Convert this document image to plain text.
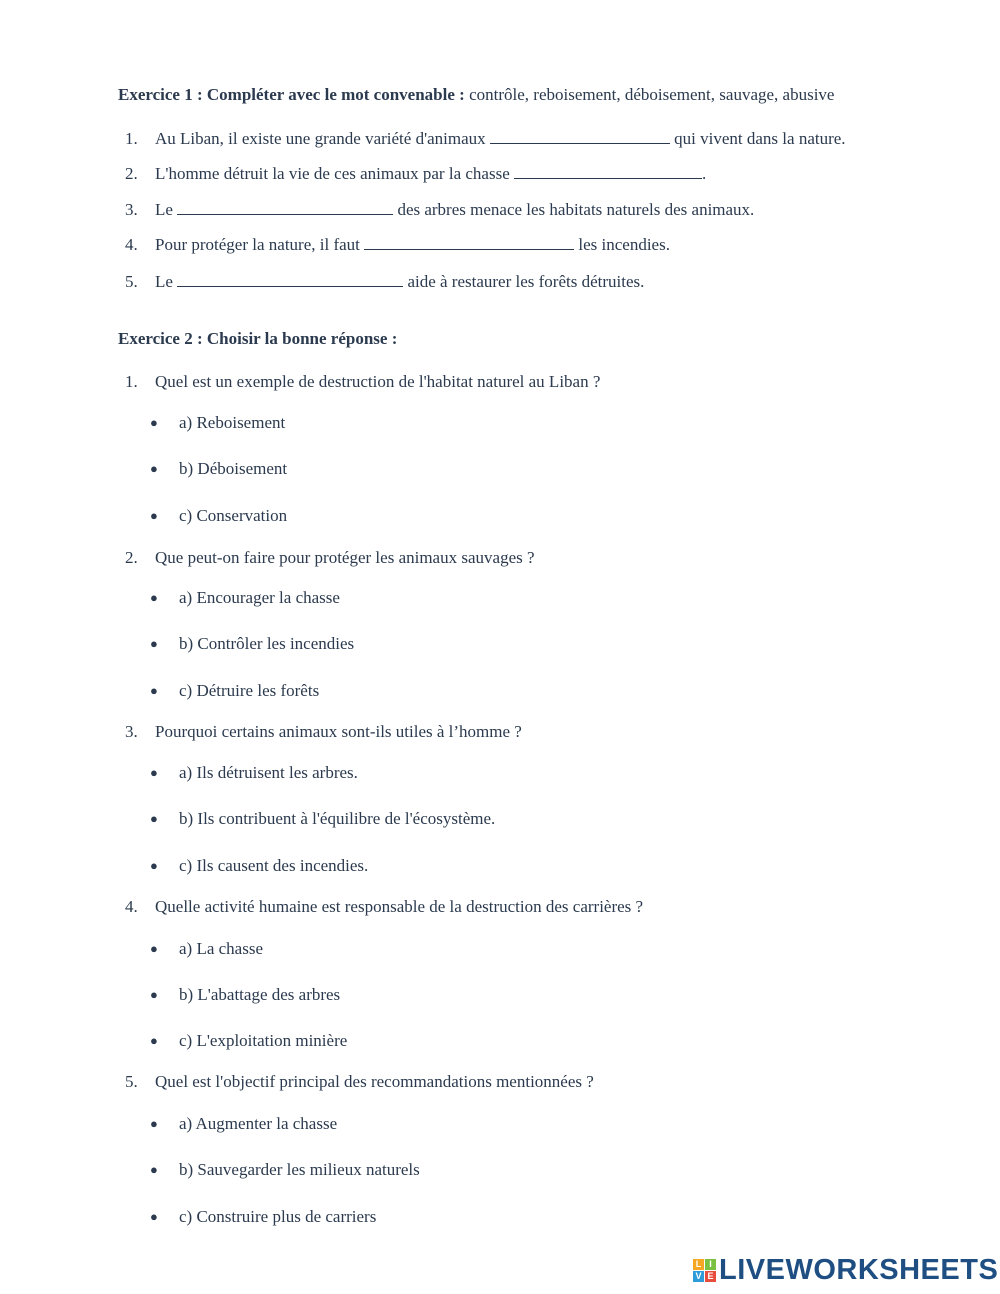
Exercice 1 : Compléter avec le mot convenable : contrôle, reboisement, déboisement, sauvage, abusive
1. Au Liban, il existe une grande variété d'animaux	qui vivent dans la nature.
2. L'homme détruit la vie de ces animaux par la chasse	.
3. Le	des arbres menace les habitats naturels des animaux.
4. Pour protéger la nature, il faut	les incendies.
5. Le	aide à restaurer les forêts détruites.
Exercice 2 : Choisir la bonne réponse :
1. Quel est un exemple de destruction de l'habitat naturel au Liban ?
● a) Reboisement
● b) Déboisement
● c) Conservation
2. Que peut-on faire pour protéger les animaux sauvages ?
● a) Encourager la chasse
● b) Contrôler les incendies
● c) Détruire les forêts
3. Pourquoi certains animaux sont-ils utiles à l’homme ?
● a) Ils détruisent les arbres.
● b) Ils contribuent à l'équilibre de l'écosystème.
● c) Ils causent des incendies.
4. Quelle activité humaine est responsable de la destruction des carrières ?
● a) La chasse
● b) L'abattage des arbres
● c) L'exploitation minière
5. Quel est l'objectif principal des recommandations mentionnées ?
● a) Augmenter la chasse
● b) Sauvegarder les milieux naturels
● c) Construire plus de carriers
L I
V E LIVEWORKSHEETS
